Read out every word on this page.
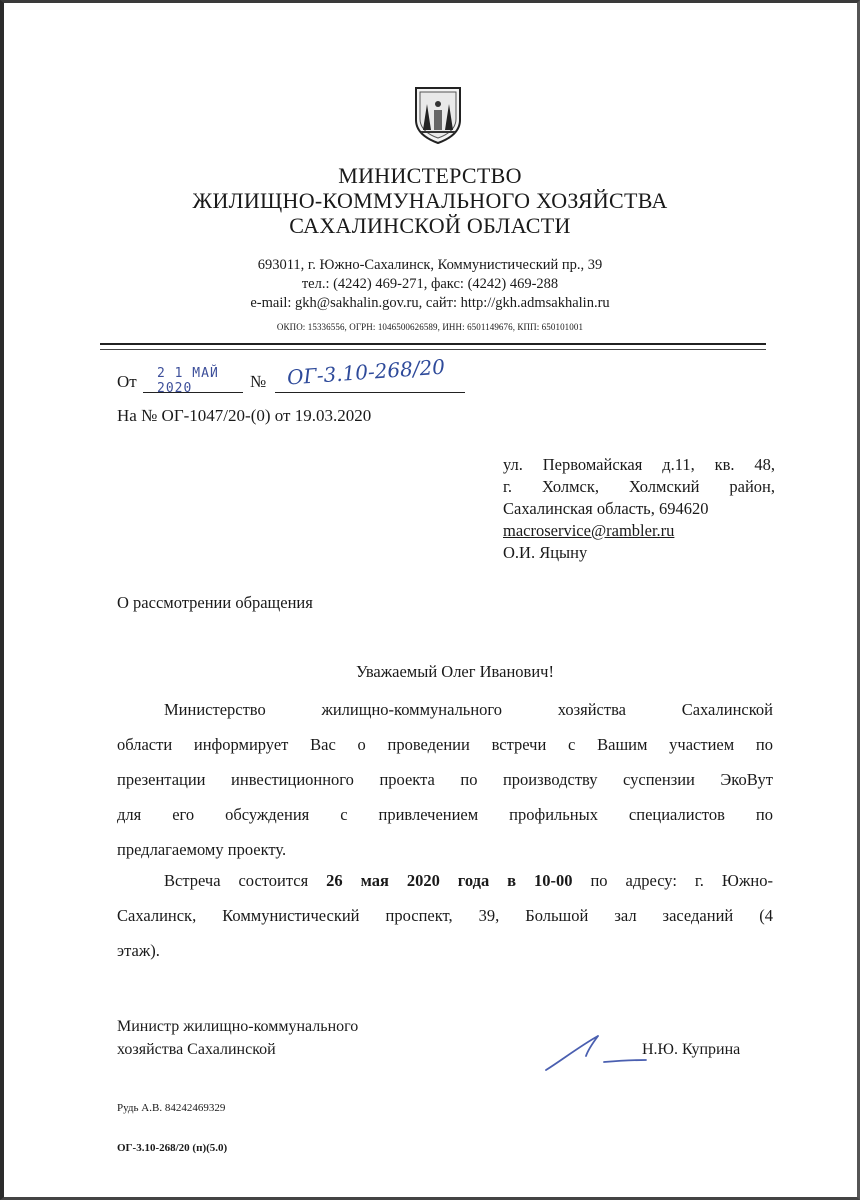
МИНИСТЕРСТВО
ЖИЛИЩНО-КОММУНАЛЬНОГО ХОЗЯЙСТВА
САХАЛИНСКОЙ ОБЛАСТИ
693011, г. Южно-Сахалинск, Коммунистический пр., 39
тел.: (4242) 469-271, факс: (4242) 469-288
e-mail: gkh@sakhalin.gov.ru, сайт: http://gkh.admsakhalin.ru
ОКПО: 15336556, ОГРН: 1046500626589, ИНН: 6501149676, КПП: 650101001
От 2 1 МАЙ 2020	№ ОГ-3.10-268/20
На № ОГ-1047/20-(0) от 19.03.2020
ул. Первомайская д.11, кв. 48,
г. Холмск, Холмский район,
Сахалинская область, 694620
macroservice@rambler.ru
О.И. Яцыну
О рассмотрении обращения
Уважаемый Олег Иванович!
Министерство жилищно-коммунального хозяйства Сахалинской
области информирует Вас о проведении встречи с Вашим участием по
презентации инвестиционного проекта по производству суспензии ЭкоВут
для его обсуждения с привлечением профильных специалистов по
предлагаемому проекту.
Встреча состоится 26 мая 2020 года в 10-00 по адресу: г. Южно-
Сахалинск, Коммунистический проспект, 39, Большой зал заседаний (4
этаж).
Министр жилищно-коммунального
хозяйства Сахалинской	Н.Ю. Куприна
Рудь А.В. 84242469329
ОГ-3.10-268/20 (п)(5.0)
